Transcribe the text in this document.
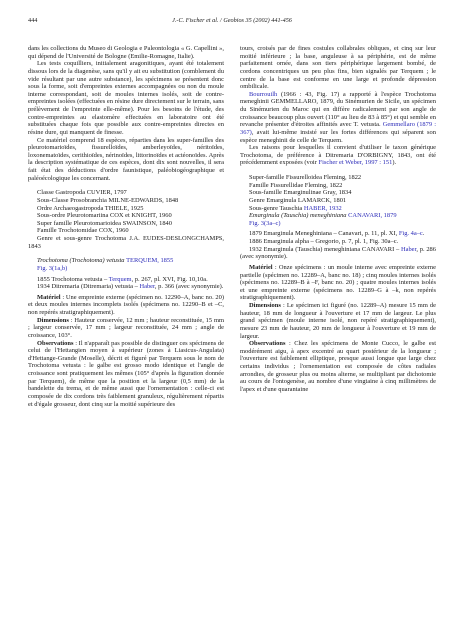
444	J.-C. Fischer et al. / Geobios 35 (2002) 441-456

dans les collections du Museo di Geologia e Paleontologia « G. Capellini », qui dépend de l'Université de Bologne (Emilie-Romagne, Italie).

Les tests coquilliers, initialement aragonitiques, ayant été totalement dissous lors de la diagenèse, sans qu'il y ait eu substitution (comblement du vide résultant par une autre substance), les spécimens se présentent donc sous la forme, soit d'empreintes externes accompagnées ou non du moule interne correspondant, soit de moules internes isolés, soit de contre-empreintes isolées (effectuées en résine dure directement sur le terrain, sans prélèvement de l'empreinte elle-même). Pour les besoins de l'étude, des contre-empreintes au elastomère effectuées en laboratoire ont été substituées chaque fois que possible aux contre-empreintes directes en résine dure, qui manquent de finesse.

Ce matériel comprend 18 espèces, réparties dans les super-familles des pleurotomarioïdes, fissurelloïdes, amberleyoïdes, néritoïdes, loxonematoïdes, cerithioïdes, nérinoïdes, littorinoïdes et actéonoïdes. Après la description systématique de ces espèces, dont dix sont nouvelles, il sera fait état des déductions d'ordre faunistique, paléobiogéographique et paléoécologique les concernant.

Classe Gastropoda CUVIER, 1797

Sous-Classe Prosobranchia MILNE-EDWARDS, 1848

Ordre Archaeogastropoda THIELE, 1925

Sous-ordre Pleurotomariina COX et KNIGHT, 1960

Super famille Pleurotomarioidea SWAINSON, 1840

Famille Trochotomidae COX, 1960

Genre et sous-genre Trochotoma J.A. EUDES-DESLONGCHAMPS, 1843

Trochotoma (Trochotoma) vetusta TERQUEM, 1855

Fig. 3(1a,b)

1855 Trochotoma vetusta – Terquem, p. 267, pl. XVI, Fig. 10,10a.

1934 Ditremaria (Ditremaria) vetusta – Haber, p. 366 (avec synonymie).

Matériel : Une empreinte externe (spécimen no. 12290–A, banc no. 20) et deux moules internes incomplets isolés (spécimens no. 12290–B et –C, non repérés stratigraphiquement).

Dimensions : Hauteur conservée, 12 mm ; hauteur reconstituée, 15 mm ; largeur conservée, 17 mm ; largeur reconstituée, 24 mm ; angle de croissance, 103°.

Observations : Il n'apparaît pas possible de distinguer ces spécimens de celui de l'Hettangien moyen à supérieur (zones à Liasicus-Angulata) d'Hettange-Grande (Moselle), décrit et figuré par Terquem sous le nom de Trochotoma vetusta : le galbe est grosso modo identique et l'angle de croissance sont pratiquement les mêmes (105° d'après la figuration donnée par Terquem), de même que la position et la largeur (0,5 mm) de la bandelette du trema, et de même aussi que l'ornementation : celle-ci est composée de dix cordons très faiblement granuleux, régulièrement répartis et d'égale grosseur, dont cinq sur la moitié supérieure des

tours, croisés par de fines costules collabrales obliques, et cinq sur leur moitié inférieure ; la base, anguleuse à sa périphérie, est de même parfaitement ornée, dans son tiers périphérique largement bombé, de cordons concentriques un peu plus fins, bien signalés par Terquem ; le centre de la base est conforme en une large et profonde dépression ombilicale.

Bourrouilh (1966 : 43, Fig. 17) a rapporté à l'espèce Trochotoma meneghinii GEMMELLARO, 1879, du Sinémurien de Sicile, un spécimen du Sinémurien du Maroc qui en diffère radicalement par son angle de croissance beaucoup plus ouvert (110° au lieu de 83 à 85°) et qui semble en revanche présenter d'étroites affinités avec T. vetusta. Gemmellaro (1879 : 367), avait lui-même insisté sur les fortes différences qui séparent son espèce meneghinii de celle de Terquem.

Les raisons pour lesquelles il convient d'utiliser le taxon générique Trochotoma, de préférence à Ditremaria D'ORBIGNY, 1843, ont été précédemment exposées (voir Fischer et Weber, 1997 : 151).

Super-famille Fissurelloidea Fleming, 1822

Famille Fissurellidae Fleming, 1822

Sous-famille Emarginulinae Gray, 1834

Genre Emarginula LAMARCK, 1801

Sous-genre Tauschia HABER, 1932

Emarginula (Tauschia) meneghiniana CANAVARI, 1879

Fig. 3(3a–c)

1879 Emarginula Meneghiniana – Canavari, p. 11, pl. XI, Fig. 4a–c.

1886 Emarginula alpha – Gregorio, p. 7, pl. 1, Fig. 30a–c.

1932 Emarginula (Tauschia) meneghiniana CANAVARI – Haber, p. 286 (avec synonymie).

Matériel : Onze spécimens : un moule interne avec empreinte externe partielle (spécimen no. 12289–A, banc no. 18) ; cinq moules internes isolés (spécimens no. 12289–B à –F, banc no. 20) ; quatre moules internes isolés et une empreinte externe (spécimens no. 12289–G à –k, non repérés stratigraphiquement).

Dimensions : Le spécimen ici figuré (no. 12289–A) mesure 15 mm de hauteur, 18 mm de longueur à l'ouverture et 17 mm de largeur. Le plus grand spécimen (moule interne isolé, non repéré stratigraphiquement), mesure 23 mm de hauteur, 20 mm de longueur à l'ouverture et 19 mm de largeur.

Observations : Chez les spécimens de Monte Cucco, le galbe est modérément aigu, à apex excentré au quart postérieur de la longueur ; l'ouverture est faiblement elliptique, presque aussi longue que large chez certains individus ; l'ornementation est composée de côtes radiales arrondies, de grosseur plus ou moins alterne, se multipliant par dichotomie au cours de l'ontogenèse, au nombre d'une vingtaine à cinq millimètres de l'apex et d'une quarantaine
